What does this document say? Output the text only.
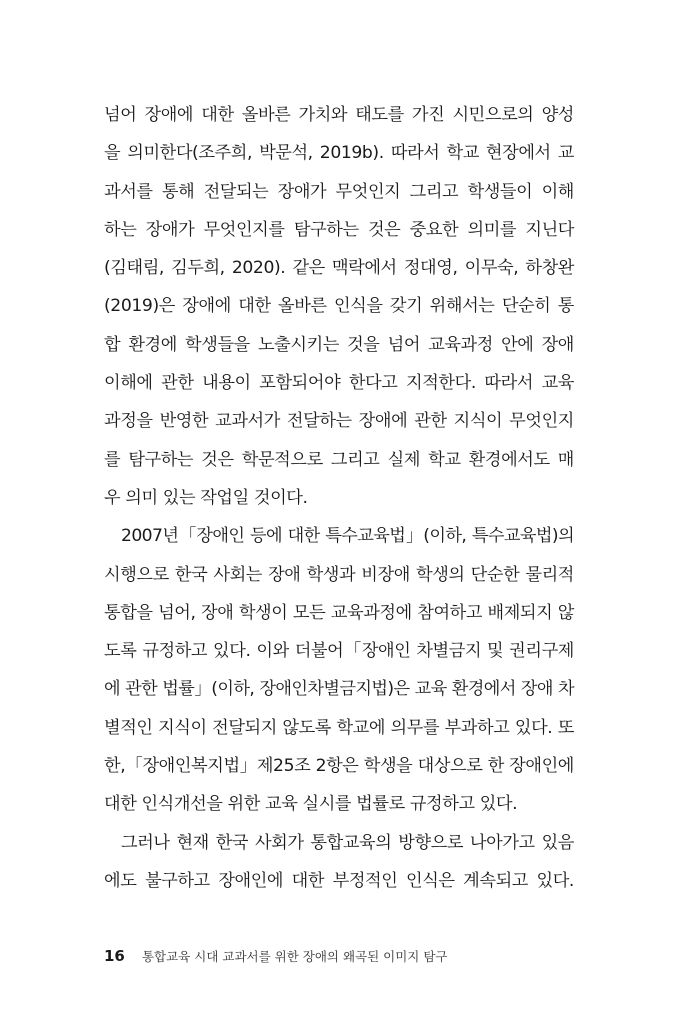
넘어 장애에 대한 올바른 가치와 태도를 가진 시민으로의 양성
을 의미한다(조주희, 박문석, 2019b). 따라서 학교 현장에서 교
과서를 통해 전달되는 장애가 무엇인지 그리고 학생들이 이해
하는 장애가 무엇인지를 탐구하는 것은 중요한 의미를 지닌다
(김태림, 김두희, 2020). 같은 맥락에서 정대영, 이무숙, 하창완
(2019)은 장애에 대한 올바른 인식을 갖기 위해서는 단순히 통
합 환경에 학생들을 노출시키는 것을 넘어 교육과정 안에 장애
이해에 관한 내용이 포함되어야 한다고 지적한다. 따라서 교육
과정을 반영한 교과서가 전달하는 장애에 관한 지식이 무엇인지
를 탐구하는 것은 학문적으로 그리고 실제 학교 환경에서도 매
우 의미 있는 작업일 것이다.
2007년「장애인 등에 대한 특수교육법」(이하, 특수교육법)의
시행으로 한국 사회는 장애 학생과 비장애 학생의 단순한 물리적
통합을 넘어, 장애 학생이 모든 교육과정에 참여하고 배제되지 않
도록 규정하고 있다. 이와 더불어「장애인 차별금지 및 권리구제
에 관한 법률」(이하, 장애인차별금지법)은 교육 환경에서 장애 차
별적인 지식이 전달되지 않도록 학교에 의무를 부과하고 있다. 또
한,「장애인복지법」제25조 2항은 학생을 대상으로 한 장애인에
대한 인식개선을 위한 교육 실시를 법률로 규정하고 있다.
그러나 현재 한국 사회가 통합교육의 방향으로 나아가고 있음
에도 불구하고 장애인에 대한 부정적인 인식은 계속되고 있다.
16 통합교육 시대 교과서를 위한 장애의 왜곡된 이미지 탐구
